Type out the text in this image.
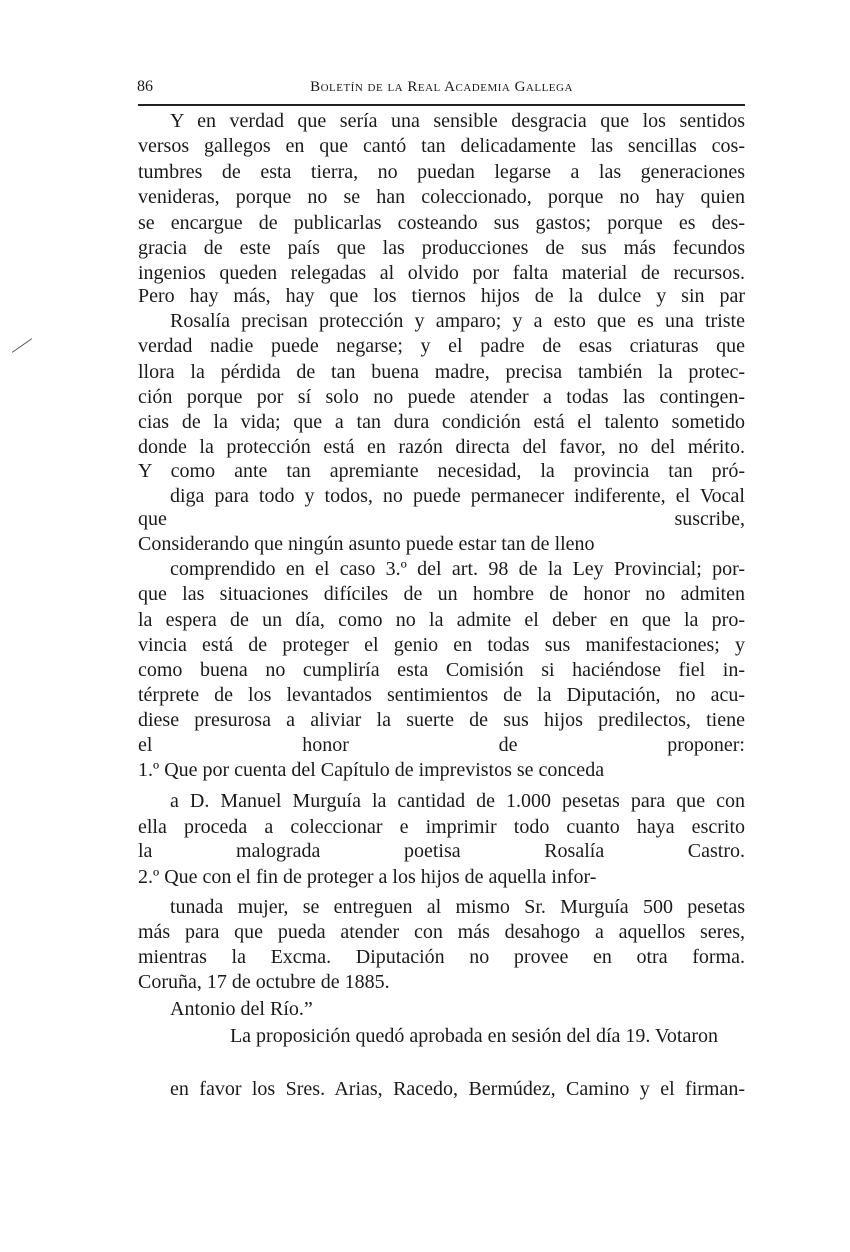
86	Boletín de la Real Academia Gallega
Y en verdad que sería una sensible desgracia que los sentidos
versos gallegos en que cantó tan delicadamente las sencillas cos-
tumbres de esta tierra, no puedan legarse a las generaciones
venideras, porque no se han coleccionado, porque no hay quien
se encargue de publicarlas costeando sus gastos; porque es des-
gracia de este país que las producciones de sus más fecundos
ingenios queden relegadas al olvido por falta material de recursos.
Pero hay más, hay que los tiernos hijos de la dulce y sin par
Rosalía precisan protección y amparo; y a esto que es una triste
verdad nadie puede negarse; y el padre de esas criaturas que
llora la pérdida de tan buena madre, precisa también la protec-
ción porque por sí solo no puede atender a todas las contingen-
cias de la vida; que a tan dura condición está el talento sometido
donde la protección está en razón directa del favor, no del mérito.
Y como ante tan apremiante necesidad, la provincia tan pró-
diga para todo y todos, no puede permanecer indiferente, el Vocal
que suscribe,
Considerando que ningún asunto puede estar tan de lleno
comprendido en el caso 3.º del art. 98 de la Ley Provincial; por-
que las situaciones difíciles de un hombre de honor no admiten
la espera de un día, como no la admite el deber en que la pro-
vincia está de proteger el genio en todas sus manifestaciones; y
como buena no cumpliría esta Comisión si haciéndose fiel in-
térprete de los levantados sentimientos de la Diputación, no acu-
diese presurosa a aliviar la suerte de sus hijos predilectos, tiene
el honor de proponer:
1.º Que por cuenta del Capítulo de imprevistos se conceda
a D. Manuel Murguía la cantidad de 1.000 pesetas para que con
ella proceda a coleccionar e imprimir todo cuanto haya escrito
la malograda poetisa Rosalía Castro.
2.º Que con el fin de proteger a los hijos de aquella infor-
tunada mujer, se entreguen al mismo Sr. Murguía 500 pesetas
más para que pueda atender con más desahogo a aquellos seres,
mientras la Excma. Diputación no provee en otra forma.
Coruña, 17 de octubre de 1885.
Antonio del Río.”
La proposición quedó aprobada en sesión del día 19. Votaron
en favor los Sres. Arias, Racedo, Bermúdez, Camino y el firman-
